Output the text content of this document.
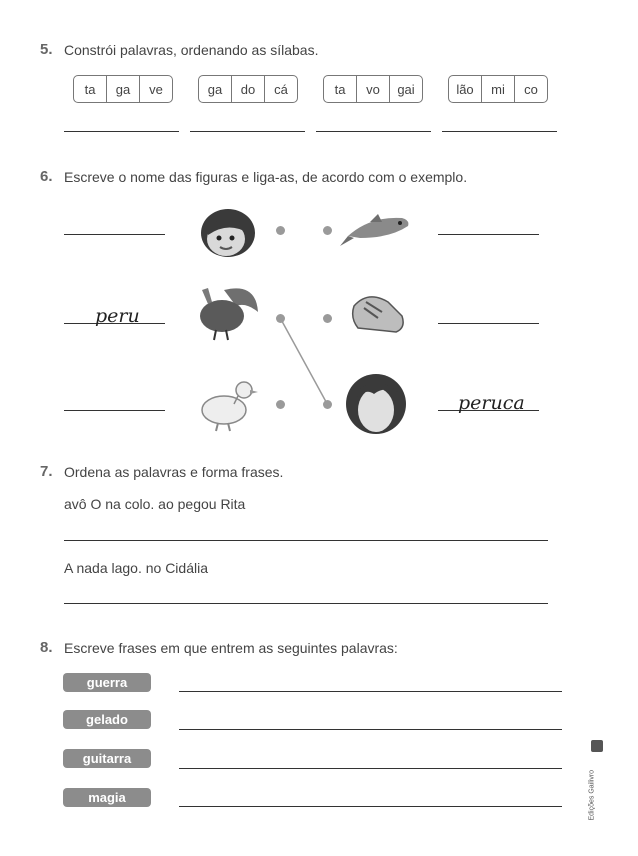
5. Constrói palavras, ordenando as sílabas.
ta	ga	ve	ga	do	cá	ta	vo	gai	lão	mi	co
6. Escreve o nome das figuras e liga-as, de acordo com o exemplo.
peru
peruca
7. Ordena as palavras e forma frases.
avô O na colo. ao pegou Rita
A nada lago. no Cidália
8. Escreve frases em que entrem as seguintes palavras:
guerra
gelado
guitarra
magia	Edições Gailivro
